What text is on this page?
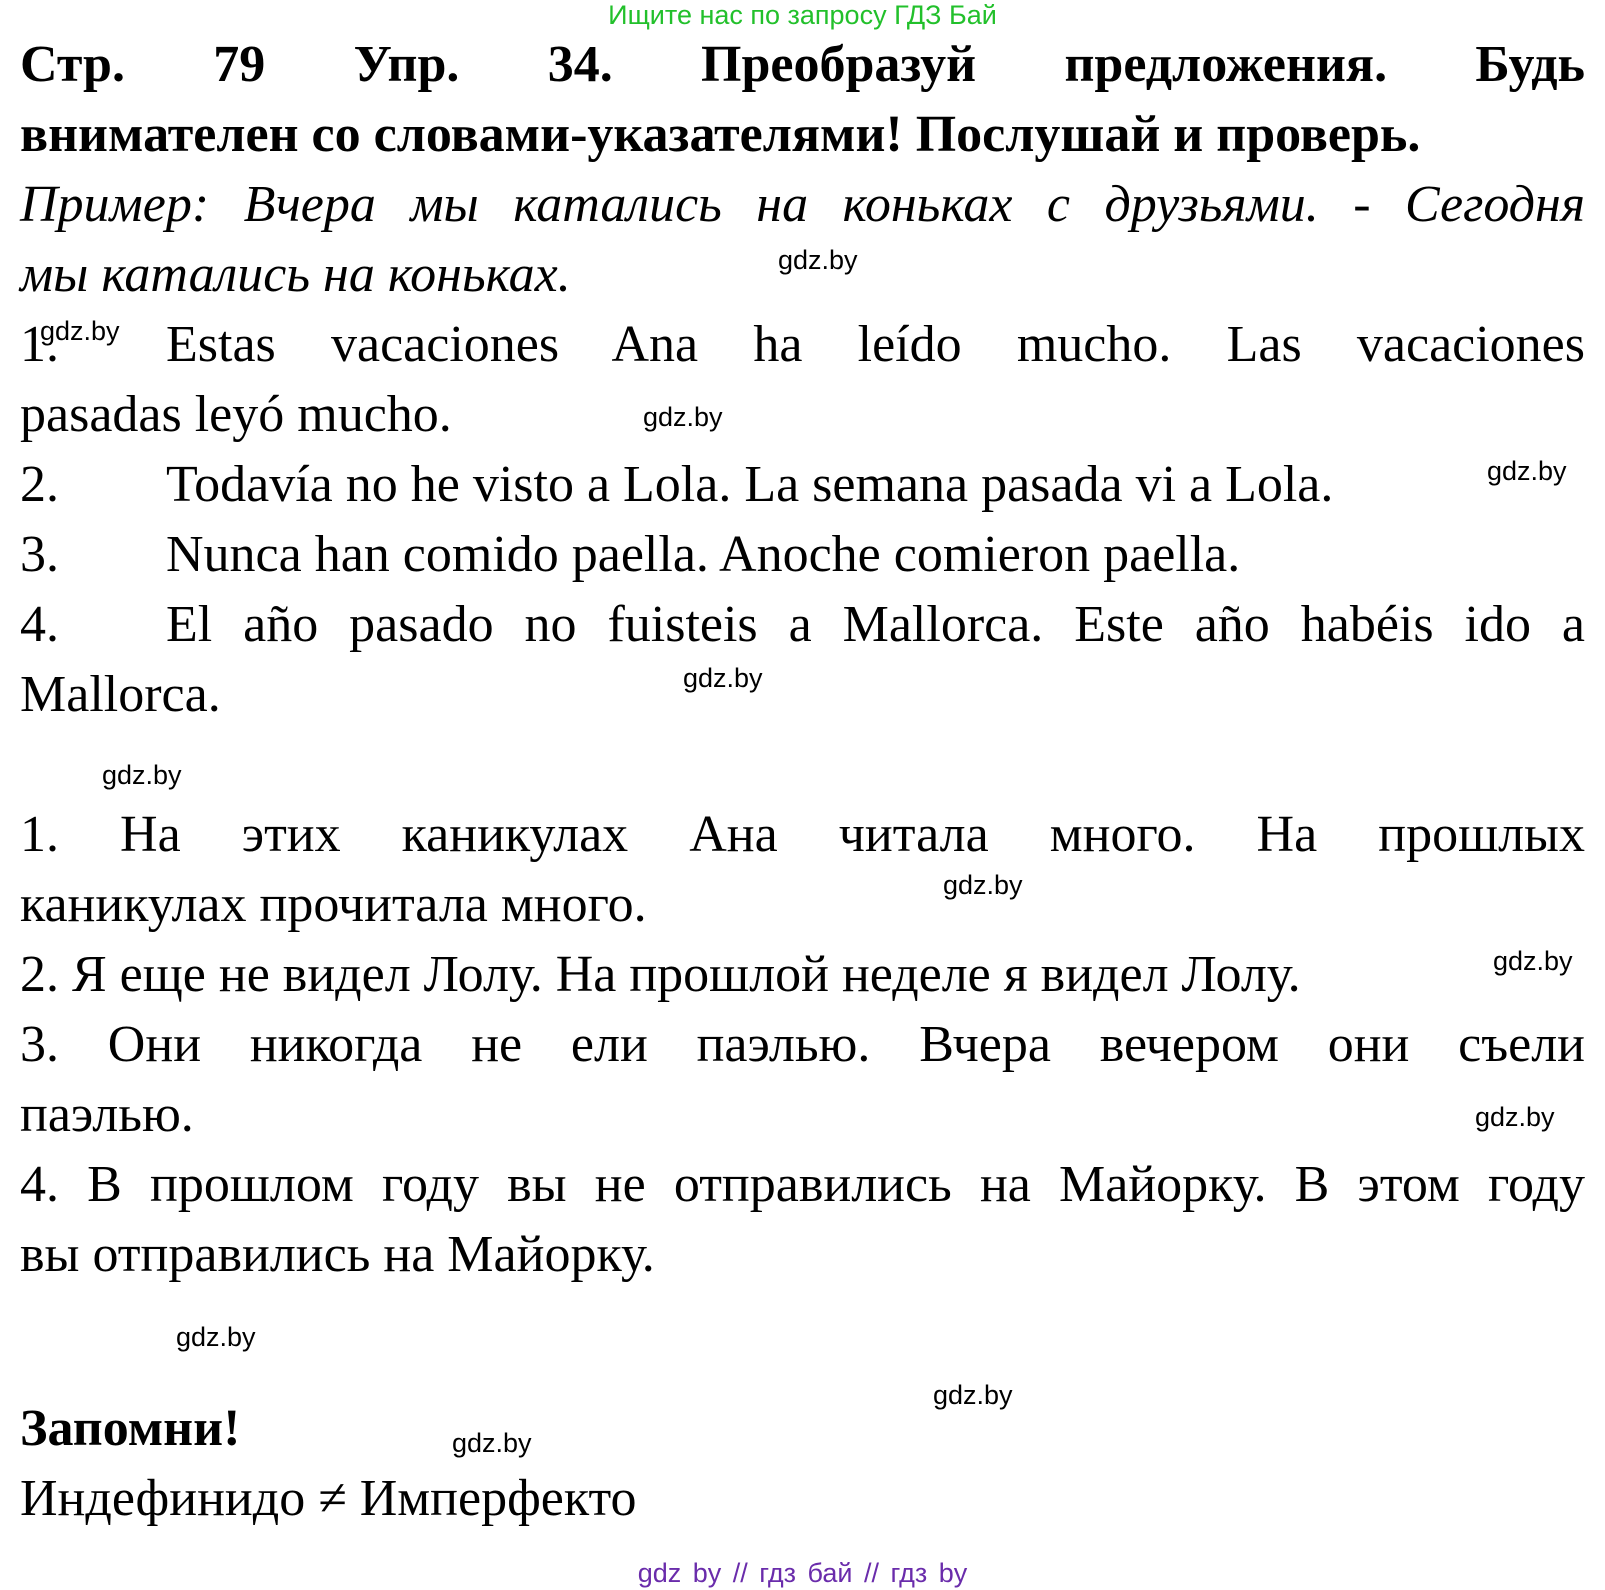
Ищите нас по запросу ГДЗ Бай
Стр. 79 Упр. 34. Преобразуй предложения. Будь
внимателен со словами-указателями! Послушай и проверь.
Пример: Вчера мы катались на коньках с друзьями. - Сегодня
мы катались на коньках.
1. Estas vacaciones Ana ha leído mucho. Las vacaciones
pasadas leyó mucho.
2. Todavía no he visto a Lola. La semana pasada vi a Lola.
3. Nunca han comido paella. Anoche comieron paella.
4. El año pasado no fuisteis a Mallorca. Este año habéis ido a
Mallorca.
1. На этих каникулах Ана читала много. На прошлых
каникулах прочитала много.
2. Я еще не видел Лолу. На прошлой неделе я видел Лолу.
3. Они никогда не ели паэлью. Вчера вечером они съели
паэлью.
4. В прошлом году вы не отправились на Майорку. В этом году
вы отправились на Майорку.
Запомни!
Индефинидо ≠ Имперфекто
gdz.by
gdz.by
gdz.by
gdz.by
gdz.by
gdz.by
gdz.by
gdz.by
gdz.by
gdz.by
gdz.by
gdz.by
gdz by // гдз бай // гдз by
